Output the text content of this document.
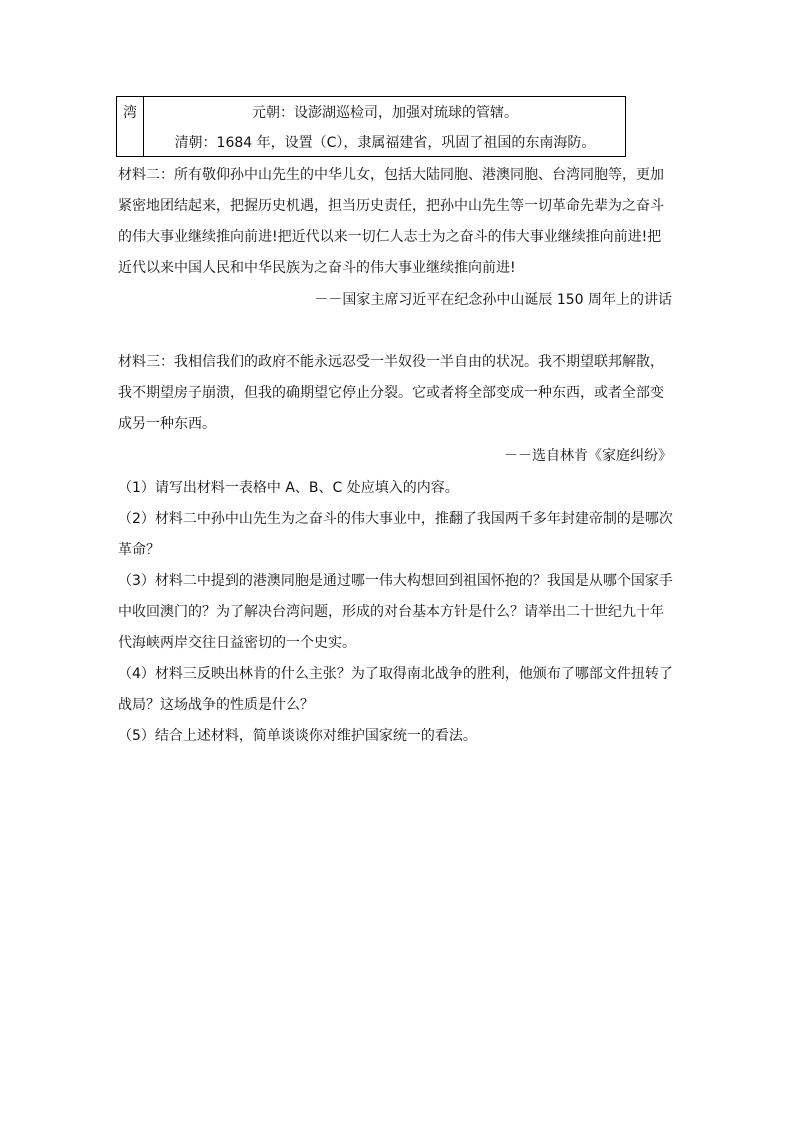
湾	元朝：设澎湖巡检司，加强对琉球的管辖。
清朝：1684 年，设置（C），隶属福建省，巩固了祖国的东南海防。
材料二：所有敬仰孙中山先生的中华儿女，包括大陆同胞、港澳同胞、台湾同胞等，更加
紧密地团结起来，把握历史机遇，担当历史责任，把孙中山先生等一切革命先辈为之奋斗
的伟大事业继续推向前进!把近代以来一切仁人志士为之奋斗的伟大事业继续推向前进!把
近代以来中国人民和中华民族为之奋斗的伟大事业继续推向前进!
－－国家主席习近平在纪念孙中山诞辰 150 周年上的讲话
材料三：我相信我们的政府不能永远忍受一半奴役一半自由的状况。我不期望联邦解散，
我不期望房子崩溃，但我的确期望它停止分裂。它或者将全部变成一种东西，或者全部变
成另一种东西。
－－选自林肯《家庭纠纷》
（1）请写出材料一表格中 A、B、C 处应填入的内容。
（2）材料二中孙中山先生为之奋斗的伟大事业中，推翻了我国两千多年封建帝制的是哪次
革命？
（3）材料二中提到的港澳同胞是通过哪一伟大构想回到祖国怀抱的？我国是从哪个国家手
中收回澳门的？为了解决台湾问题，形成的对台基本方针是什么？请举出二十世纪九十年
代海峡两岸交往日益密切的一个史实。
（4）材料三反映出林肯的什么主张？为了取得南北战争的胜利，他颁布了哪部文件扭转了
战局？这场战争的性质是什么？
（5）结合上述材料，简单谈谈你对维护国家统一的看法。
